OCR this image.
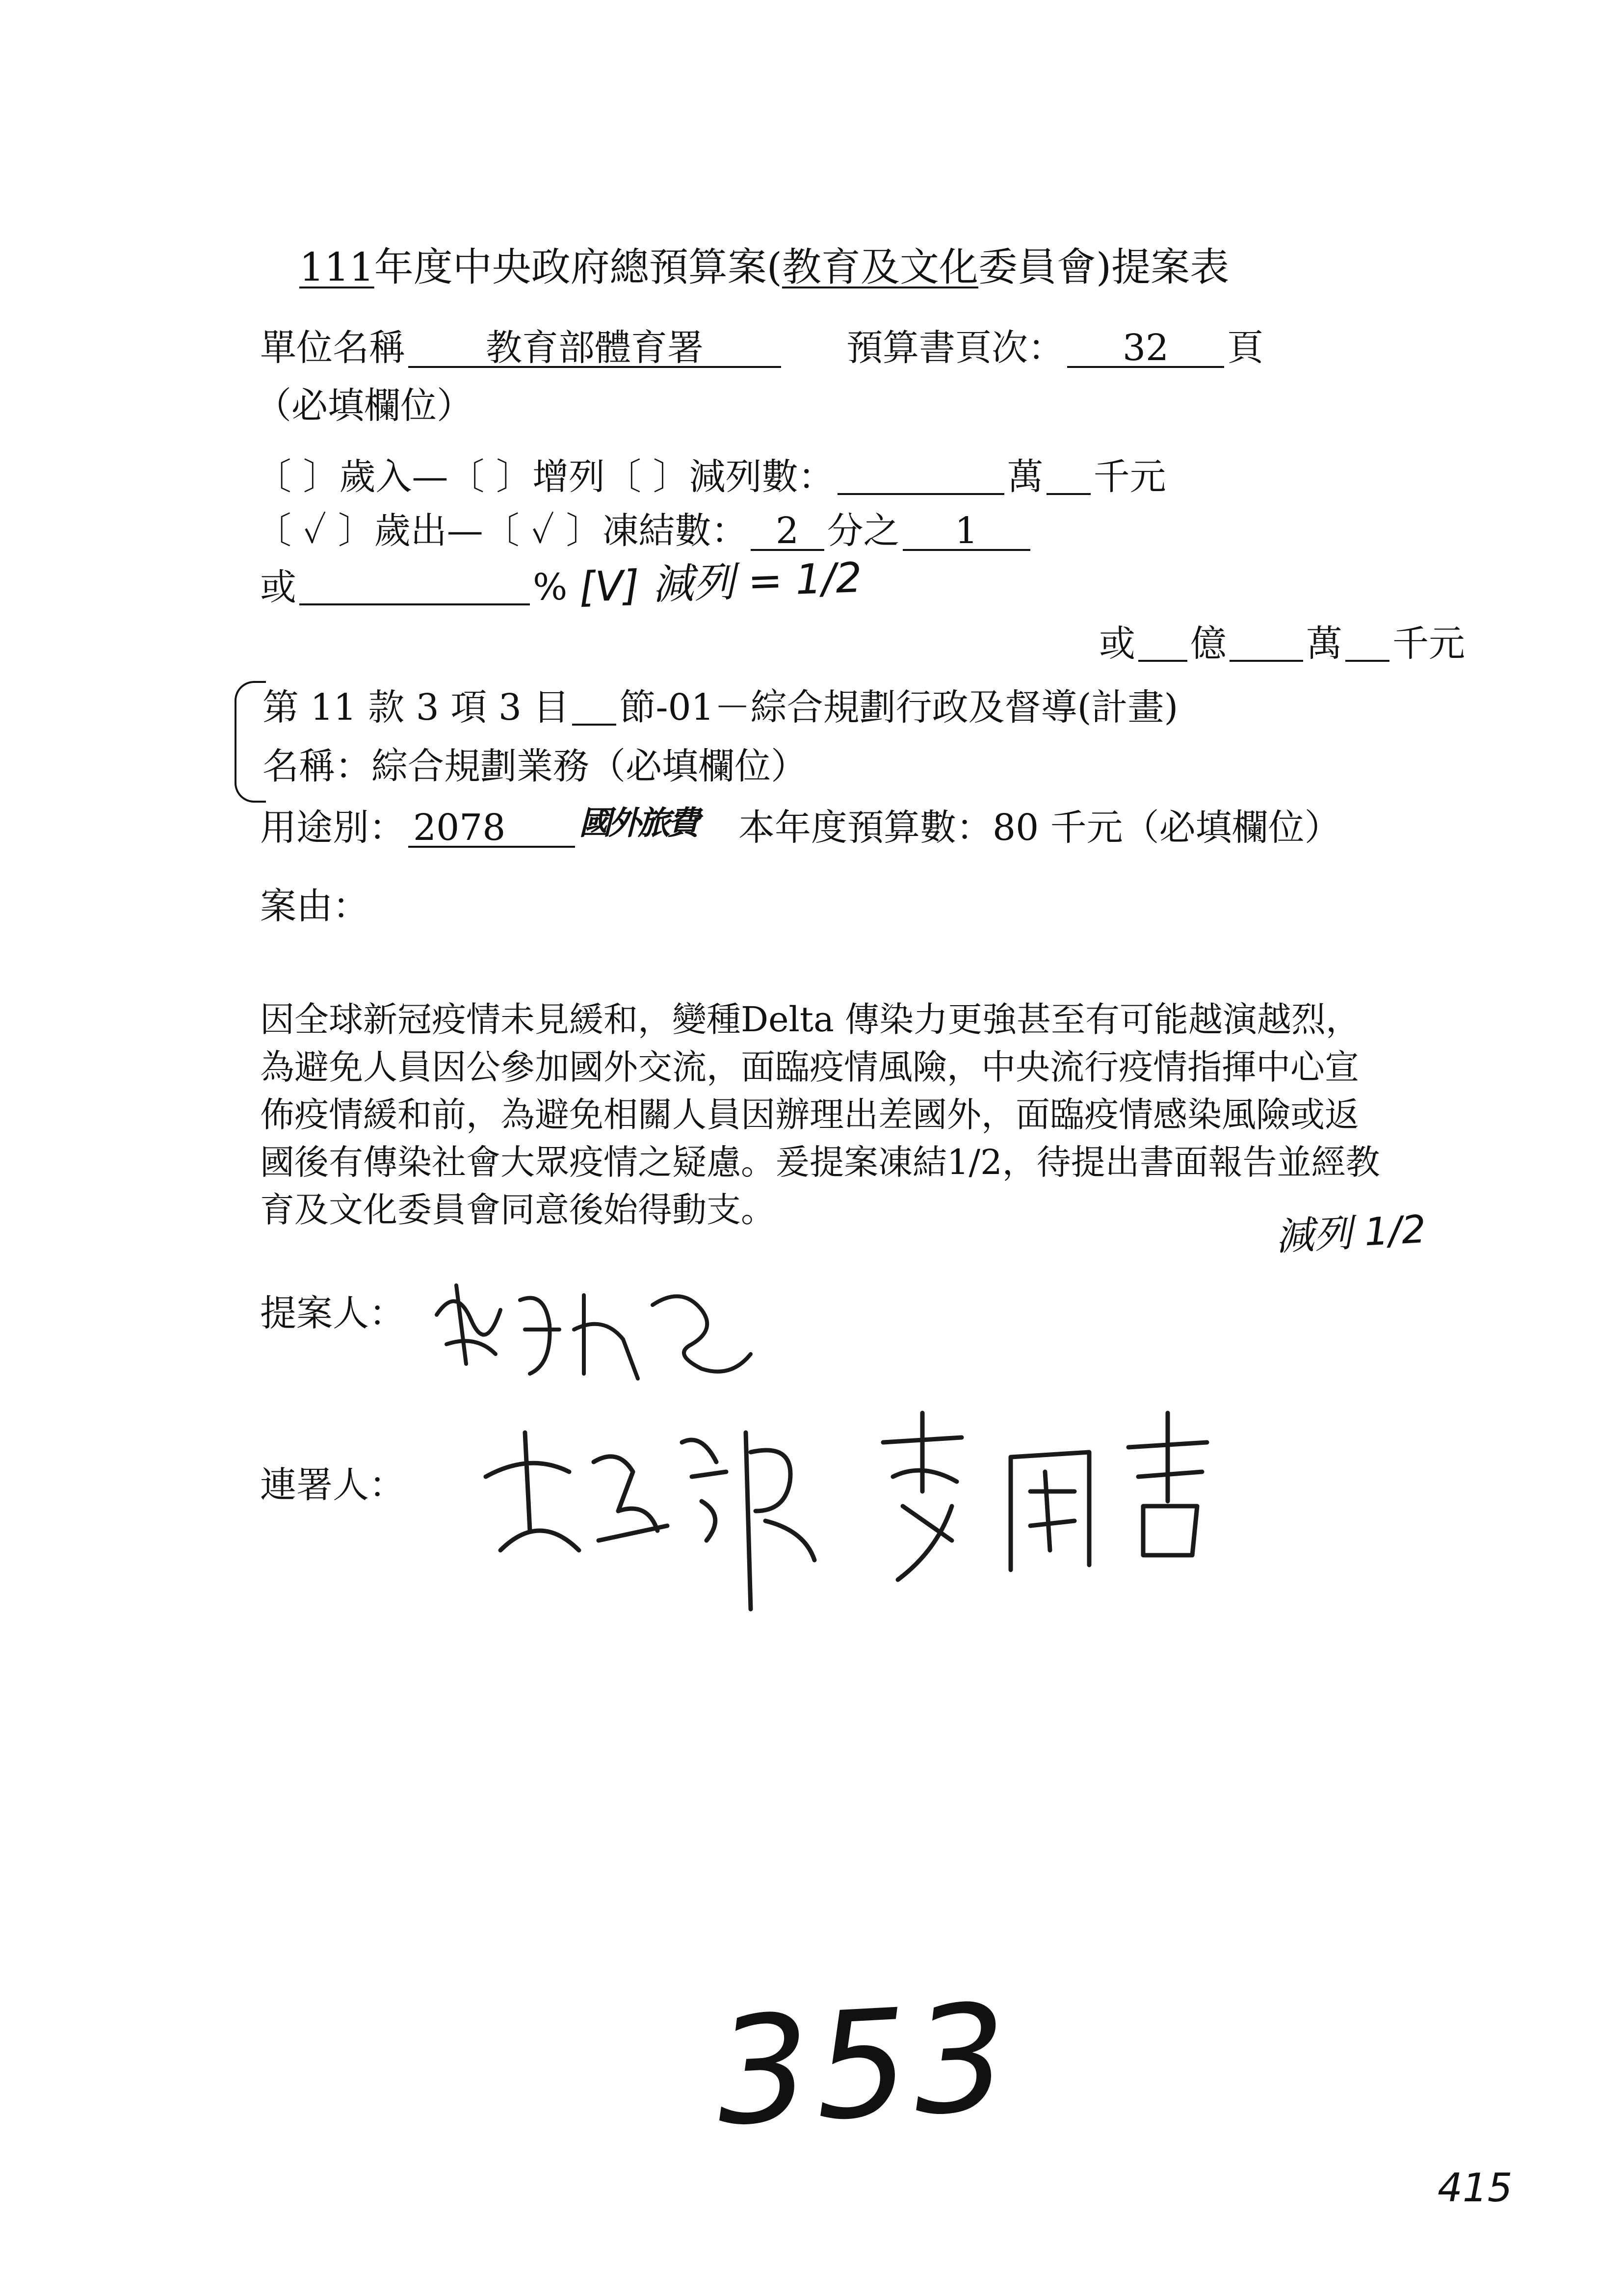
111年度中央政府總預算案(教育及文化委員會)提案表
單位名稱 教育部體育署	預算書頁次： 32 頁
（必填欄位）
〔 〕歲入—〔 〕增列〔 〕減列數：	萬 千元
〔 ✓ 〕歲出—〔 ✓ 〕凍結數： 2 分之 1
或	% [V] 減列 = 1/2
或 億 萬 千元
第 11 款 3 項 3 目 節-01－綜合規劃行政及督導(計畫)
名稱：綜合規劃業務（必填欄位）
用途別： 2078	國外旅費 本年度預算數：80 千元（必填欄位）
案由：
因全球新冠疫情未見緩和，變種Delta 傳染力更強甚至有可能越演越烈，為避免人員因公參加國外交流，面臨疫情風險，中央流行疫情指揮中心宣佈疫情緩和前，為避免相關人員因辦理出差國外，面臨疫情感染風險或返國後有傳染社會大眾疫情之疑慮。爰提案凍結1/2，待提出書面報告並經教育及文化委員會同意後始得動支。	減列 1/2
提案人：
連署人：
353
415
